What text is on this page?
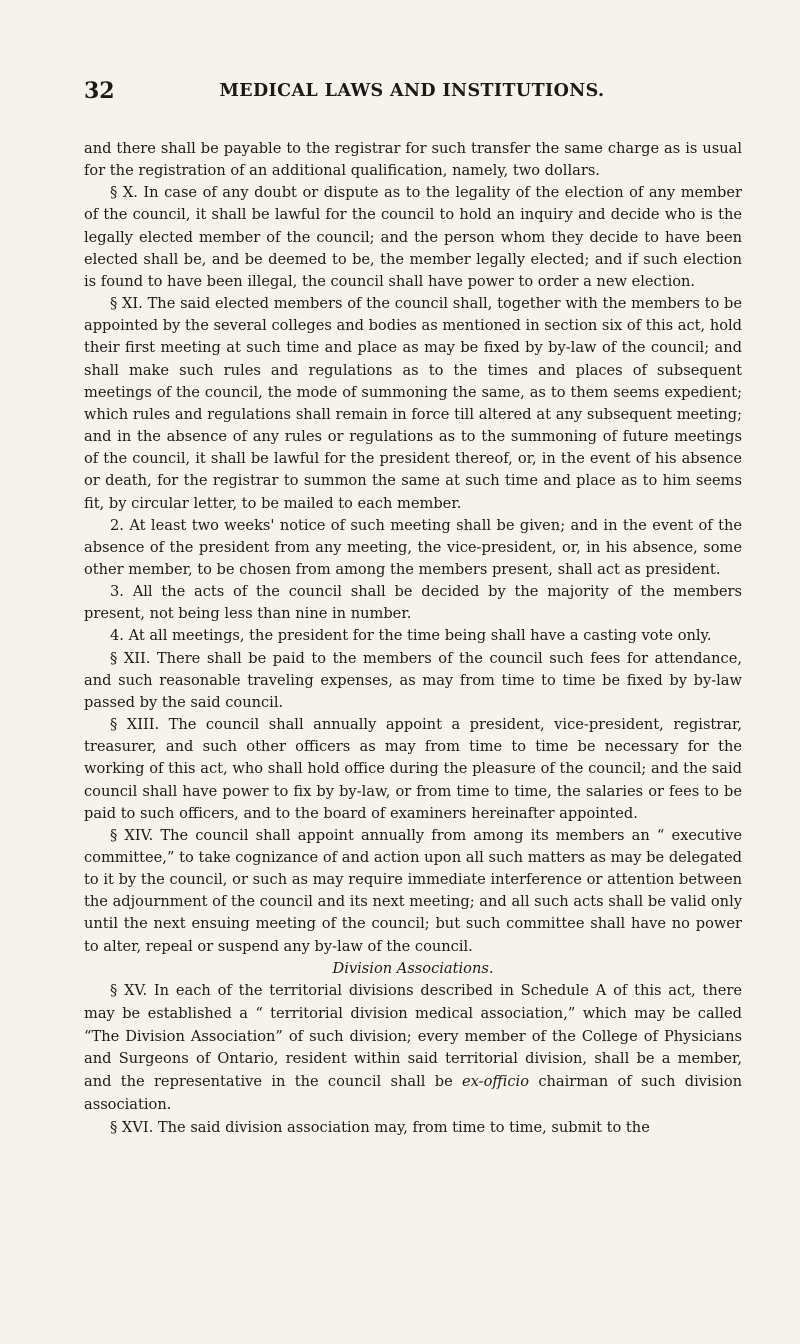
32	MEDICAL LAWS AND INSTITUTIONS.

and there shall be payable to the registrar for such transfer the same charge as is usual for the registration of an additional qualification, namely, two dollars.

§ X. In case of any doubt or dispute as to the legality of the election of any member of the council, it shall be lawful for the council to hold an inquiry and decide who is the legally elected member of the council; and the person whom they decide to have been elected shall be, and be deemed to be, the member legally elected; and if such election is found to have been illegal, the council shall have power to order a new election.

§ XI. The said elected members of the council shall, together with the members to be appointed by the several colleges and bodies as mentioned in section six of this act, hold their first meeting at such time and place as may be fixed by by-law of the council; and shall make such rules and regulations as to the times and places of subsequent meetings of the council, the mode of summoning the same, as to them seems expedient; which rules and regulations shall remain in force till altered at any subsequent meeting; and in the absence of any rules or regulations as to the summoning of future meetings of the council, it shall be lawful for the president thereof, or, in the event of his absence or death, for the registrar to summon the same at such time and place as to him seems fit, by circular letter, to be mailed to each member.

2. At least two weeks' notice of such meeting shall be given; and in the event of the absence of the president from any meeting, the vice-president, or, in his absence, some other member, to be chosen from among the members present, shall act as president.

3. All the acts of the council shall be decided by the majority of the members present, not being less than nine in number.

4. At all meetings, the president for the time being shall have a casting vote only.

§ XII. There shall be paid to the members of the council such fees for attendance, and such reasonable traveling expenses, as may from time to time be fixed by by-law passed by the said council.

§ XIII. The council shall annually appoint a president, vice-president, registrar, treasurer, and such other officers as may from time to time be necessary for the working of this act, who shall hold office during the pleasure of the council; and the said council shall have power to fix by by-law, or from time to time, the salaries or fees to be paid to such officers, and to the board of examiners hereinafter appointed.

§ XIV. The council shall appoint annually from among its members an “ executive committee,” to take cognizance of and action upon all such matters as may be delegated to it by the council, or such as may require immediate interference or attention between the adjournment of the council and its next meeting; and all such acts shall be valid only until the next ensuing meeting of the council; but such committee shall have no power to alter, repeal or suspend any by-law of the council.

Division Associations.

§ XV. In each of the territorial divisions described in Schedule A of this act, there may be established a “ territorial division medical association,” which may be called “The Division Association” of such division; every member of the College of Physicians and Surgeons of Ontario, resident within said territorial division, shall be a member, and the representative in the council shall be ex-officio chairman of such division association.

§ XVI. The said division association may, from time to time, submit to the
